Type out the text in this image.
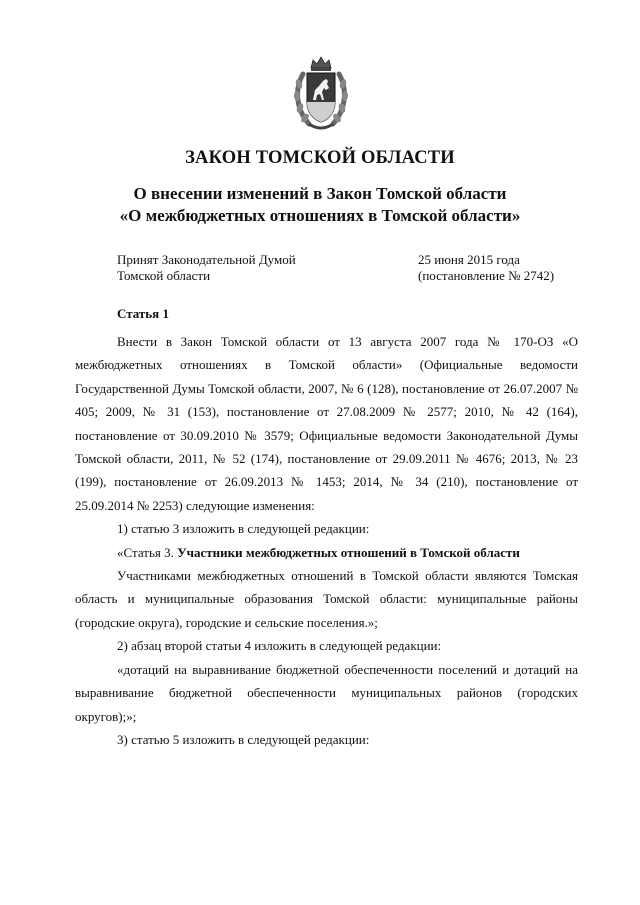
ЗАКОН ТОМСКОЙ ОБЛАСТИ
О внесении изменений в Закон Томской области
«О межбюджетных отношениях в Томской области»
Принят Законодательной Думой
Томской области
25 июня 2015 года
(постановление № 2742)
Статья 1

Внести в Закон Томской области от 13 августа 2007 года № 170-ОЗ «О межбюджетных отношениях в Томской области» (Официальные ведомости Государственной Думы Томской области, 2007, № 6 (128), постановление от 26.07.2007 № 405; 2009, № 31 (153), постановление от 27.08.2009 № 2577; 2010, № 42 (164), постановление от 30.09.2010 № 3579; Официальные ведомости Законодательной Думы Томской области, 2011, № 52 (174), постановление от 29.09.2011 № 4676; 2013, № 23 (199), постановление от 26.09.2013 № 1453; 2014, № 34 (210), постановление от 25.09.2014 № 2253) следующие изменения:

1) статью 3 изложить в следующей редакции:

«Статья 3. Участники межбюджетных отношений в Томской области

Участниками межбюджетных отношений в Томской области являются Томская область и муниципальные образования Томской области: муниципальные районы (городские округа), городские и сельские поселения.»;

2) абзац второй статьи 4 изложить в следующей редакции:

«дотаций на выравнивание бюджетной обеспеченности поселений и дотаций на выравнивание бюджетной обеспеченности муниципальных районов (городских округов);»;

3) статью 5 изложить в следующей редакции:
